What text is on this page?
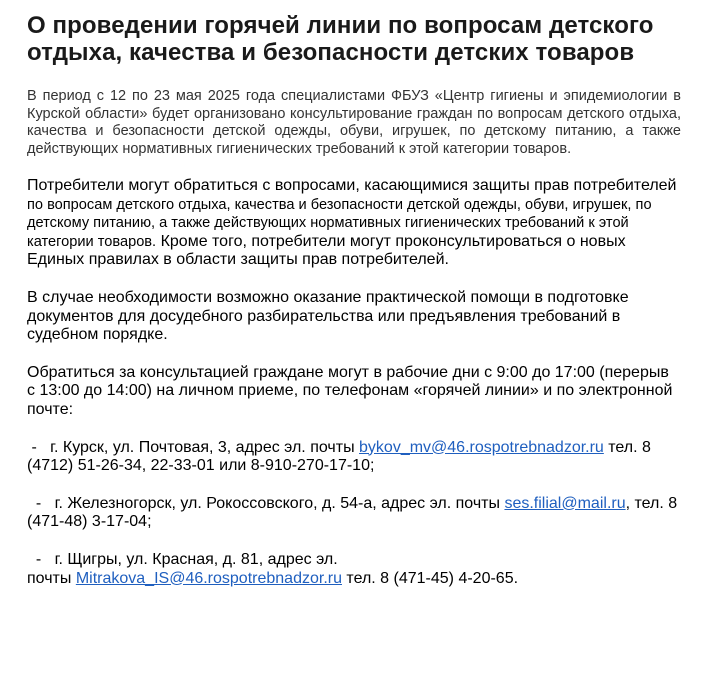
О проведении горячей линии по вопросам детского отдыха, качества и безопасности детских товаров

В период с 12 по 23 мая 2025 года специалистами ФБУЗ «Центр гигиены и эпидемиологии в Курской области» будет организовано консультирование граждан по вопросам детского отдыха, качества и безопасности детской одежды, обуви, игрушек, по детскому питанию, а также действующих нормативных гигиенических требований к этой категории товаров.

Потребители могут обратиться с вопросами, касающимися защиты прав потребителей по вопросам детского отдыха, качества и безопасности детской одежды, обуви, игрушек, по детскому питанию, а также действующих нормативных гигиенических требований к этой категории товаров. Кроме того, потребители могут проконсультироваться о новых Единых правилах в области защиты прав потребителей.

В случае необходимости возможно оказание практической помощи в подготовке документов для досудебного разбирательства или предъявления требований в судебном порядке.

Обратиться за консультацией граждане могут в рабочие дни с 9:00 до 17:00 (перерыв с 13:00 до 14:00) на личном приеме, по телефонам «горячей линии» и по электронной почте:

-   г. Курск, ул. Почтовая, 3, адрес эл. почты bykov_mv@46.rospotrebnadzor.ru тел. 8 (4712) 51-26-34, 22-33-01 или 8-910-270-17-10;

-   г. Железногорск, ул. Рокоссовского, д. 54-а, адрес эл. почты ses.filial@mail.ru, тел. 8 (471-48) 3-17-04;

-   г. Щигры, ул. Красная, д. 81, адрес эл.
почты Mitrakova_IS@46.rospotrebnadzor.ru тел. 8 (471-45) 4-20-65.
